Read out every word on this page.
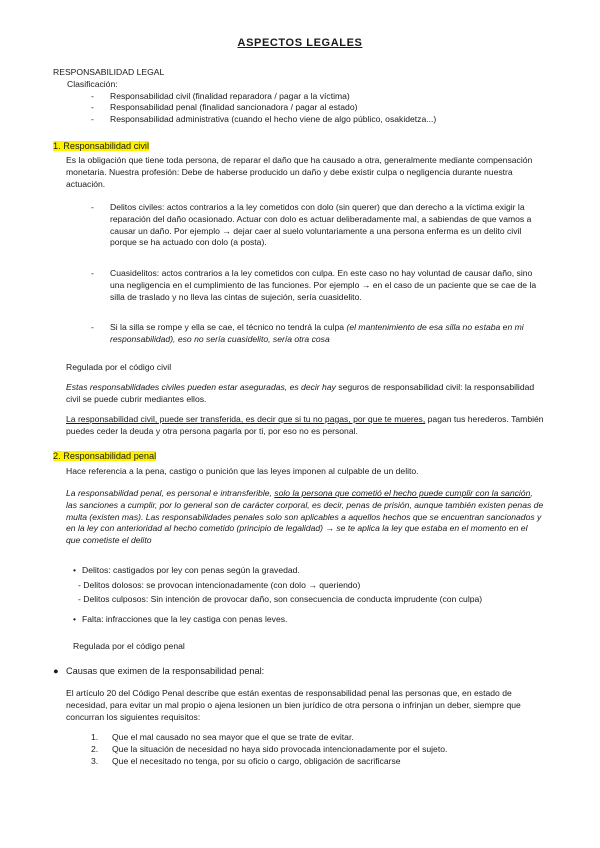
ASPECTOS LEGALES

RESPONSABILIDAD LEGAL

Clasificación:

-	Responsabilidad civil (finalidad reparadora / pagar a la víctima)
-	Responsabilidad penal (finalidad sancionadora / pagar al estado)
-	Responsabilidad administrativa (cuando el hecho viene de algo público, osakidetza...)
1. Responsabilidad civil

Es la obligación que tiene toda persona, de reparar el daño que ha causado a otra, generalmente mediante compensación monetaria. Nuestra profesión: Debe de haberse producido un daño y debe existir culpa o negligencia durante nuestra actuación.

-	Delitos civiles: actos contrarios a la ley cometidos con dolo (sin querer) que dan derecho a la víctima exigir la reparación del daño ocasionado. Actuar con dolo es actuar deliberadamente mal, a sabiendas de que vamos a causar un daño. Por ejemplo → dejar caer al suelo voluntariamente a una persona enferma es un delito civil porque se ha actuado con dolo (a posta).
-	Cuasidelitos: actos contrarios a la ley cometidos con culpa. En este caso no hay voluntad de causar daño, sino una negligencia en el cumplimiento de las funciones. Por ejemplo → en el caso de un paciente que se cae de la silla de traslado y no lleva las cintas de sujeción, sería cuasidelito.
-	Si la silla se rompe y ella se cae, el técnico no tendrá la culpa (el mantenimiento de esa silla no estaba en mi responsabilidad), eso no sería cuasidelito, sería otra cosa

Regulada por el código civil

Estas responsabilidades civiles pueden estar aseguradas, es decir hay seguros de responsabilidad civil: la responsabilidad civil se puede cubrir mediantes ellos.

La responsabilidad civil, puede ser transferida, es decir que si tu no pagas, por que te mueres, pagan tus herederos. También puedes ceder la deuda y otra persona pagarla por ti, por eso no es personal.

2. Responsabilidad penal

Hace referencia a la pena, castigo o punición que las leyes imponen al culpable de un delito.

La responsabilidad penal, es personal e intransferible, solo la persona que cometió el hecho puede cumplir con la sanción, las sanciones a cumplir, por lo general son de carácter corporal, es decir, penas de prisión, aunque también existen penas de multa (existen mas). Las responsabilidades penales solo son aplicables a aquellos hechos que se encuentran sancionados y en la ley con anterioridad al hecho cometido (principio de legalidad) → se te aplica la ley que estaba en el momento en el que cometiste el delito

• Delitos: castigados por ley con penas según la gravedad.

- Delitos dolosos: se provocan intencionadamente (con dolo → queriendo)

- Delitos culposos: Sin intención de provocar daño, son consecuencia de conducta imprudente (con culpa)

• Falta: infracciones que la ley castiga con penas leves.

Regulada por el código penal

● Causas que eximen de la responsabilidad penal:

El artículo 20 del Código Penal describe que están exentas de responsabilidad penal las personas que, en estado de necesidad, para evitar un mal propio o ajena lesionen un bien jurídico de otra persona o infrinjan un deber, siempre que concurran los siguientes requisitos:

1.	Que el mal causado no sea mayor que el que se trate de evitar.
2.	Que la situación de necesidad no haya sido provocada intencionadamente por el sujeto.
3.	Que el necesitado no tenga, por su oficio o cargo, obligación de sacrificarse
